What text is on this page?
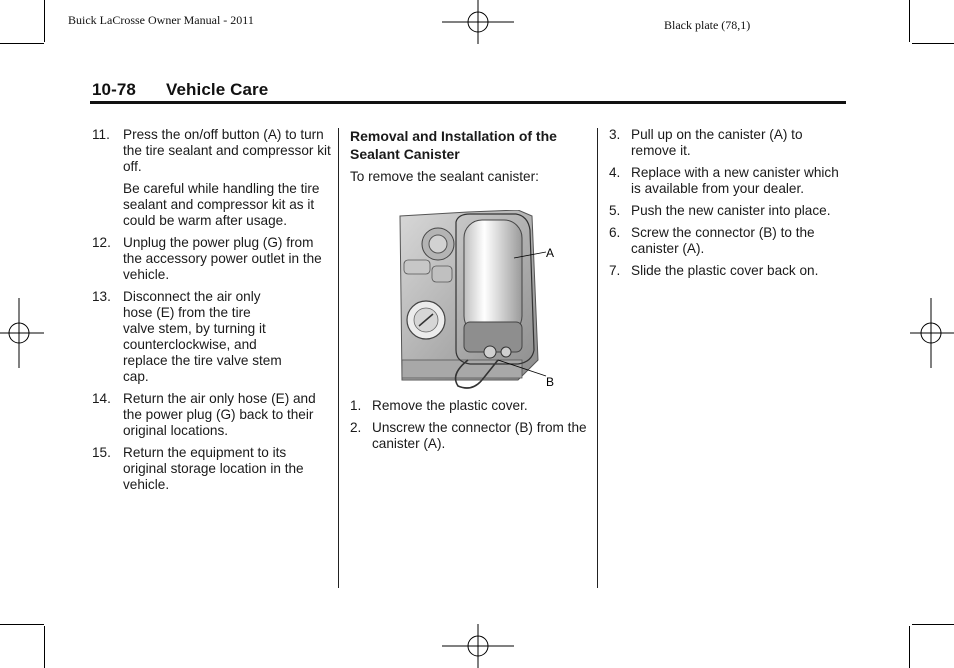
Buick LaCrosse Owner Manual - 2011	Black plate (78,1)
10-78 Vehicle Care
11. Press the on/off button (A) to turn the tire sealant and compressor kit off.
Be careful while handling the tire sealant and compressor kit as it could be warm after usage.
12. Unplug the power plug (G) from the accessory power outlet in the vehicle.
13. Disconnect the air only hose (E) from the tire valve stem, by turning it counterclockwise, and replace the tire valve stem cap.
14. Return the air only hose (E) and the power plug (G) back to their original locations.
15. Return the equipment to its original storage location in the vehicle.
Removal and Installation of the Sealant Canister
To remove the sealant canister:
A
B
1. Remove the plastic cover.
2. Unscrew the connector (B) from the canister (A).
3. Pull up on the canister (A) to remove it.
4. Replace with a new canister which is available from your dealer.
5. Push the new canister into place.
6. Screw the connector (B) to the canister (A).
7. Slide the plastic cover back on.
